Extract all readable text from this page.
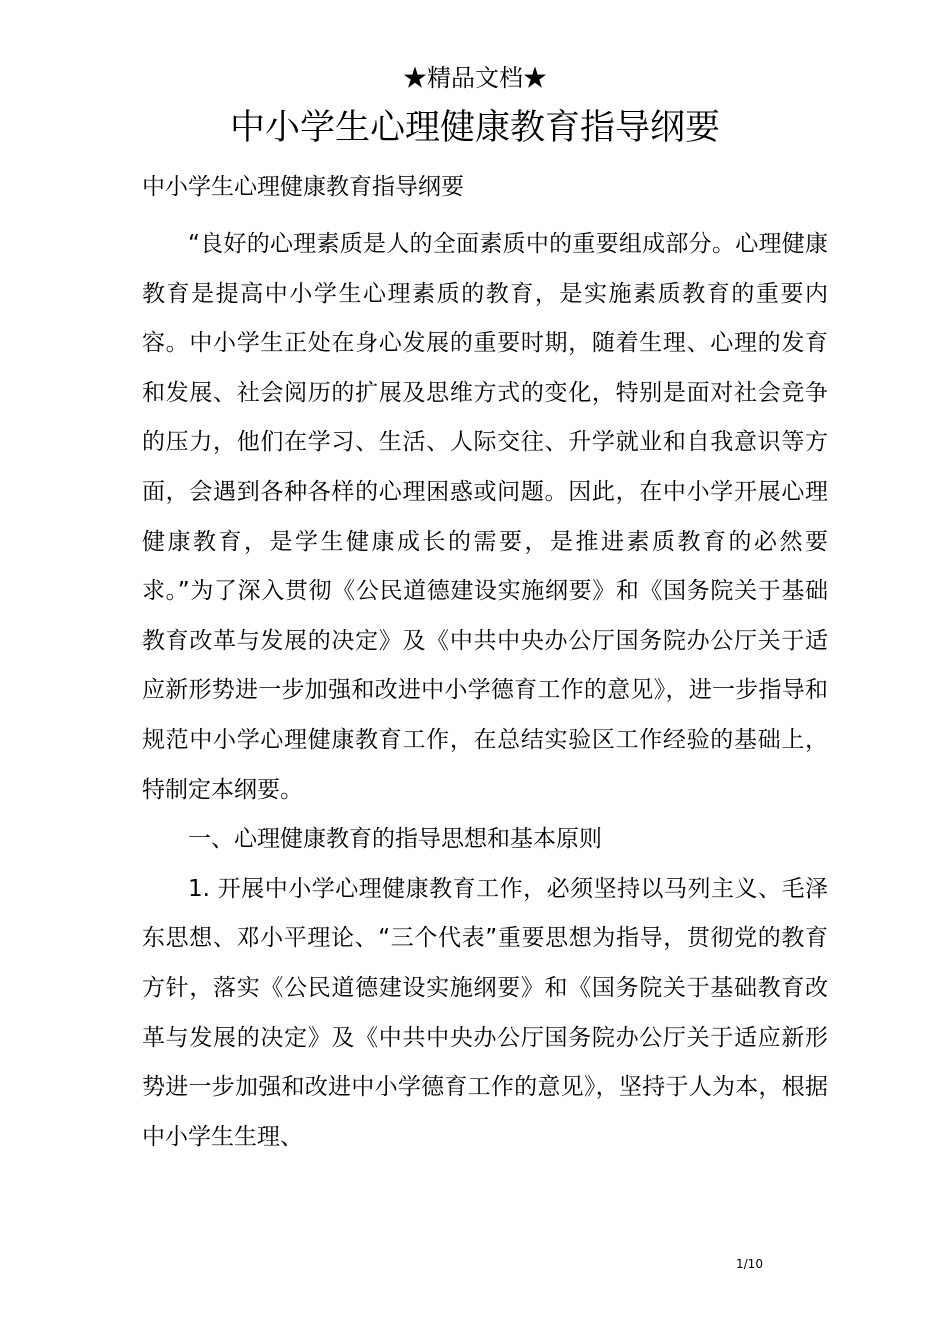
★精品文档★
中小学生心理健康教育指导纲要
中小学生心理健康教育指导纲要

“良好的心理素质是人的全面素质中的重要组成部分。心理健康教育是提高中小学生心理素质的教育，是实施素质教育的重要内容。中小学生正处在身心发展的重要时期，随着生理、心理的发育和发展、社会阅历的扩展及思维方式的变化，特别是面对社会竞争的压力，他们在学习、生活、人际交往、升学就业和自我意识等方面，会遇到各种各样的心理困惑或问题。因此，在中小学开展心理健康教育，是学生健康成长的需要，是推进素质教育的必然要求。”为了深入贯彻《公民道德建设实施纲要》和《国务院关于基础教育改革与发展的决定》及《中共中央办公厅国务院办公厅关于适应新形势进一步加强和改进中小学德育工作的意见》，进一步指导和规范中小学心理健康教育工作，在总结实验区工作经验的基础上，特制定本纲要。

一、心理健康教育的指导思想和基本原则

1. 开展中小学心理健康教育工作，必须坚持以马列主义、毛泽东思想、邓小平理论、“三个代表”重要思想为指导，贯彻党的教育方针，落实《公民道德建设实施纲要》和《国务院关于基础教育改革与发展的决定》及《中共中央办公厅国务院办公厅关于适应新形势进一步加强和改进中小学德育工作的意见》，坚持于人为本，根据中小学生生理、

1/10
